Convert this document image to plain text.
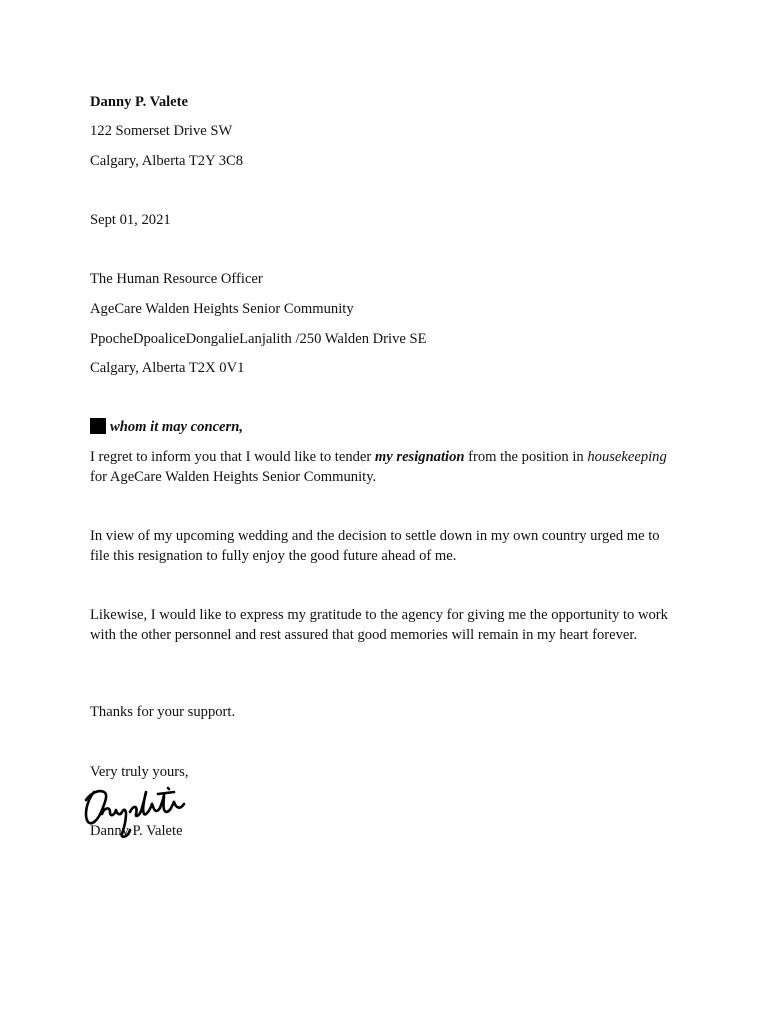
Danny P. Valete
122 Somerset Drive SW
Calgary, Alberta T2Y 3C8
Sept 01, 2021
The Human Resource Officer
AgeCare Walden Heights Senior Community
PpocheDpoaliceDongalieLanjalith /250 Walden Drive SE
Calgary, Alberta T2X 0V1
whom it may concern,
I regret to inform you that I would like to tender my resignation from the position in housekeeping for AgeCare Walden Heights Senior Community.
In view of my upcoming wedding and the decision to settle down in my own country urged me to file this resignation to fully enjoy the good future ahead of me.
Likewise, I would like to express my gratitude to the agency for giving me the opportunity to work with the other personnel and rest assured that good memories will remain in my heart forever.
Thanks for your support.
Very truly yours,
Danny P. Valete
